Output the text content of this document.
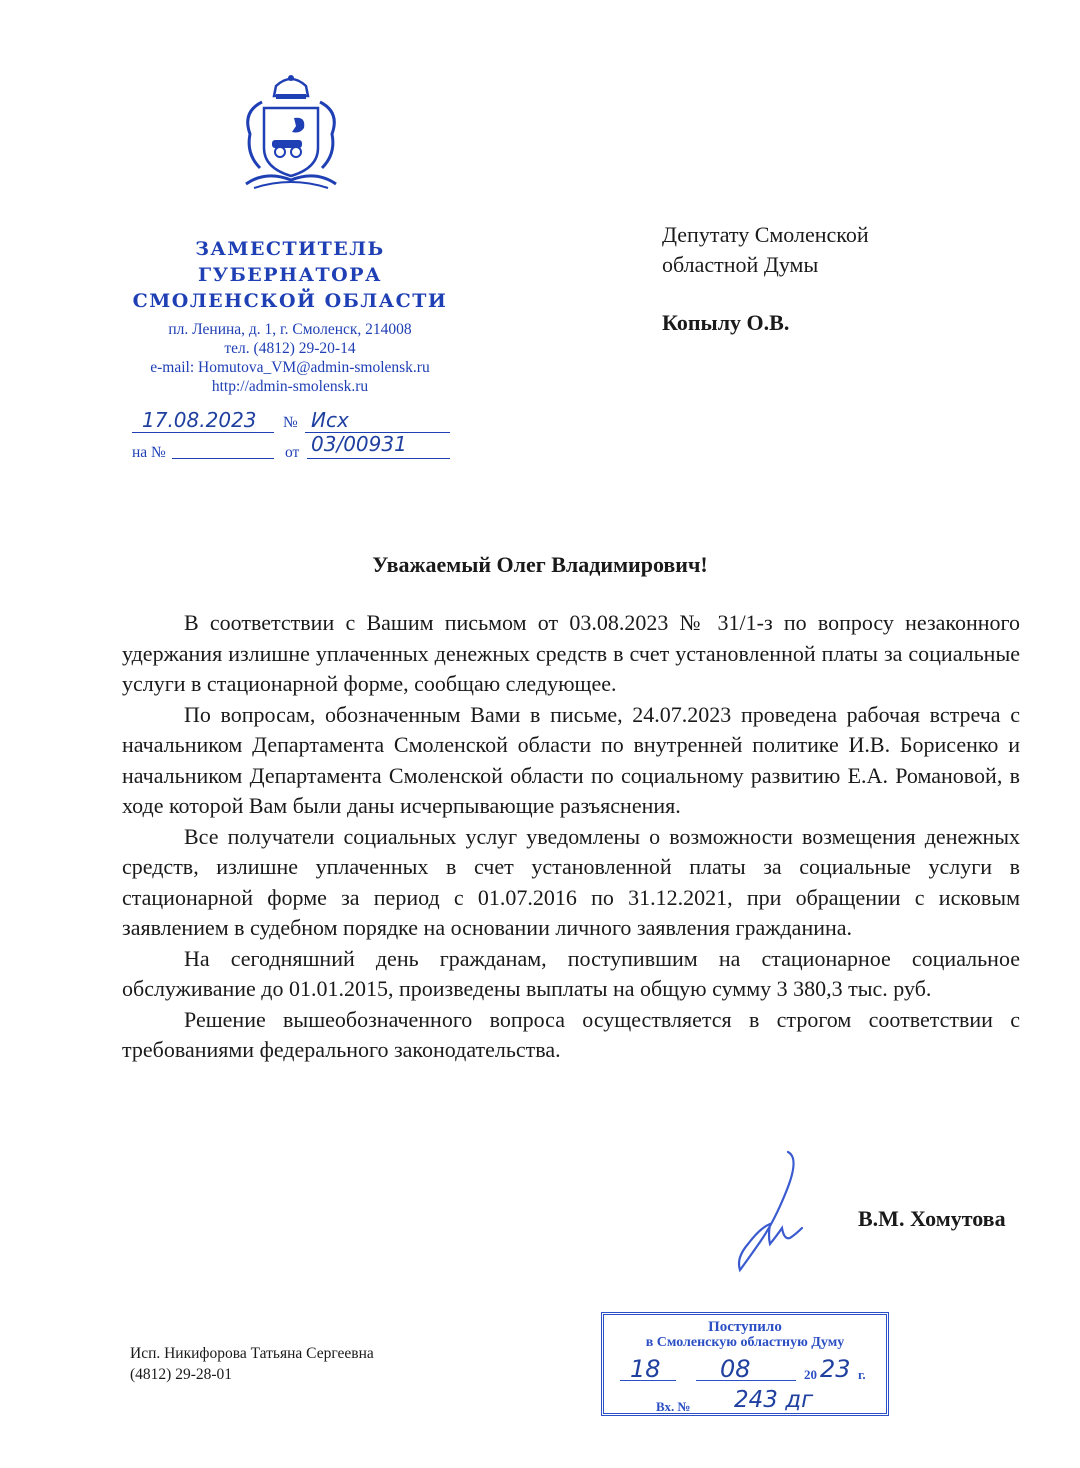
ЗАМЕСТИТЕЛЬ
ГУБЕРНАТОРА
СМОЛЕНСКОЙ ОБЛАСТИ
пл. Ленина, д. 1, г. Смоленск, 214008
тел. (4812) 29-20-14
e-mail: Homutova_VM@admin-smolensk.ru
http://admin-smolensk.ru
17.08.2023 № Исх 03/00931
на №	от
Депутату Смоленской
областной Думы
Копылу О.В.
Уважаемый Олег Владимирович!

В соответствии с Вашим письмом от 03.08.2023 № 31/1-з по вопросу незаконного удержания излишне уплаченных денежных средств в счет установленной платы за социальные услуги в стационарной форме, сообщаю следующее.

По вопросам, обозначенным Вами в письме, 24.07.2023 проведена рабочая встреча с начальником Департамента Смоленской области по внутренней политике И.В. Борисенко и начальником Департамента Смоленской области по социальному развитию Е.А. Романовой, в ходе которой Вам были даны исчерпывающие разъяснения.

Все получатели социальных услуг уведомлены о возможности возмещения денежных средств, излишне уплаченных в счет установленной платы за социальные услуги в стационарной форме за период с 01.07.2016 по 31.12.2021, при обращении с исковым заявлением в судебном порядке на основании личного заявления гражданина.

На сегодняшний день гражданам, поступившим на стационарное социальное обслуживание до 01.01.2015, произведены выплаты на общую сумму 3 380,3 тыс. руб.

Решение вышеобозначенного вопроса осуществляется в строгом соответствии с требованиями федерального законодательства.

В.М. Хомутова
Исп. Никифорова Татьяна Сергеевна
(4812) 29-28-01
Поступило
в Смоленскую областную Думу
18 08	20 23 г.
Вх. № 243 дг
